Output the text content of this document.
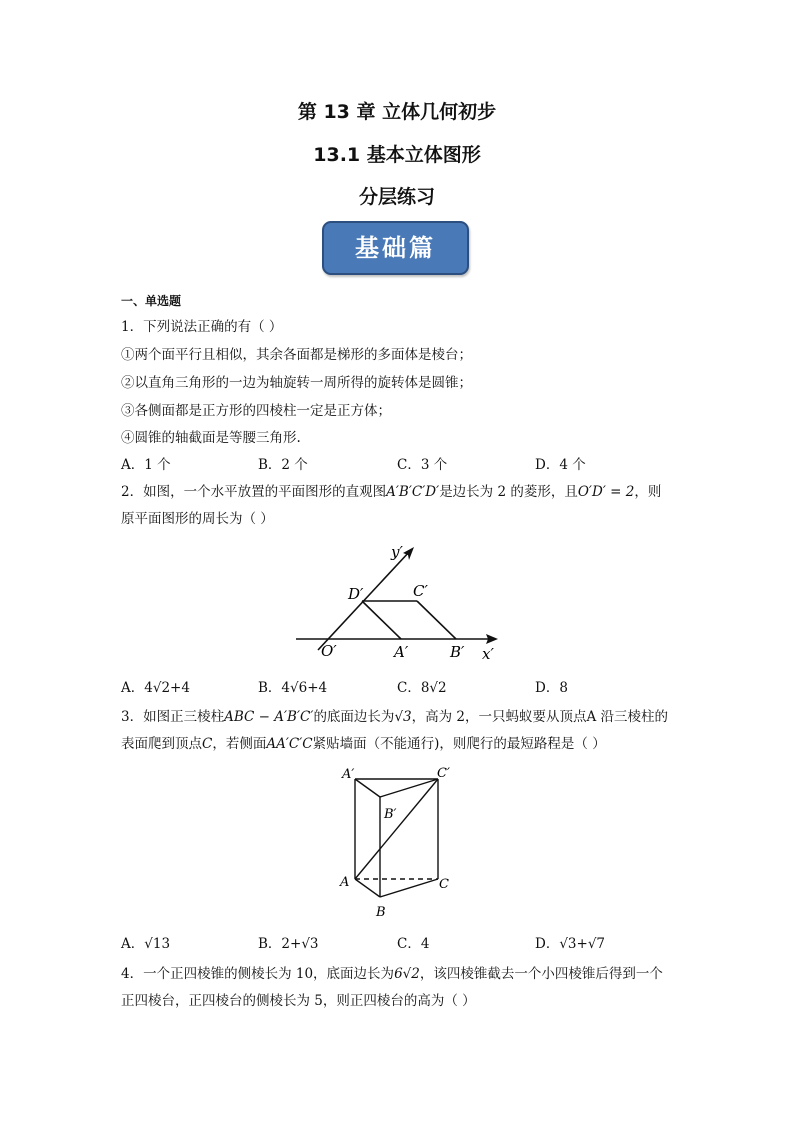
第 13 章 立体几何初步
13.1 基本立体图形
分层练习
基础篇
一、单选题
1．下列说法正确的有（ ）
①两个面平行且相似，其余各面都是梯形的多面体是棱台；
②以直角三角形的一边为轴旋转一周所得的旋转体是圆锥；
③各侧面都是正方形的四棱柱一定是正方体；
④圆锥的轴截面是等腰三角形.
A．1 个	B．2 个	C．3 个	D．4 个
2．如图，一个水平放置的平面图形的直观图A′B′C′D′是边长为 2 的菱形，且O′D′ = 2，则
原平面图形的周长为（ ）
y′
D′	C′
O′	A′	B′ x′
A．4√2+4	B．4√6+4	C．8√2	D．8
3．如图正三棱柱ABC − A′B′C′的底面边长为√3，高为 2，一只蚂蚁要从顶点A 沿三棱柱的
表面爬到顶点C，若侧面AA′C′C紧贴墙面（不能通行)，则爬行的最短路程是（ ）
A′	C′
B′
A	C
B
A．√13	B．2+√3	C．4	D．√3+√7
4．一个正四棱锥的侧棱长为 10，底面边长为6√2，该四棱锥截去一个小四棱锥后得到一个
正四棱台，正四棱台的侧棱长为 5，则正四棱台的高为（ ）
